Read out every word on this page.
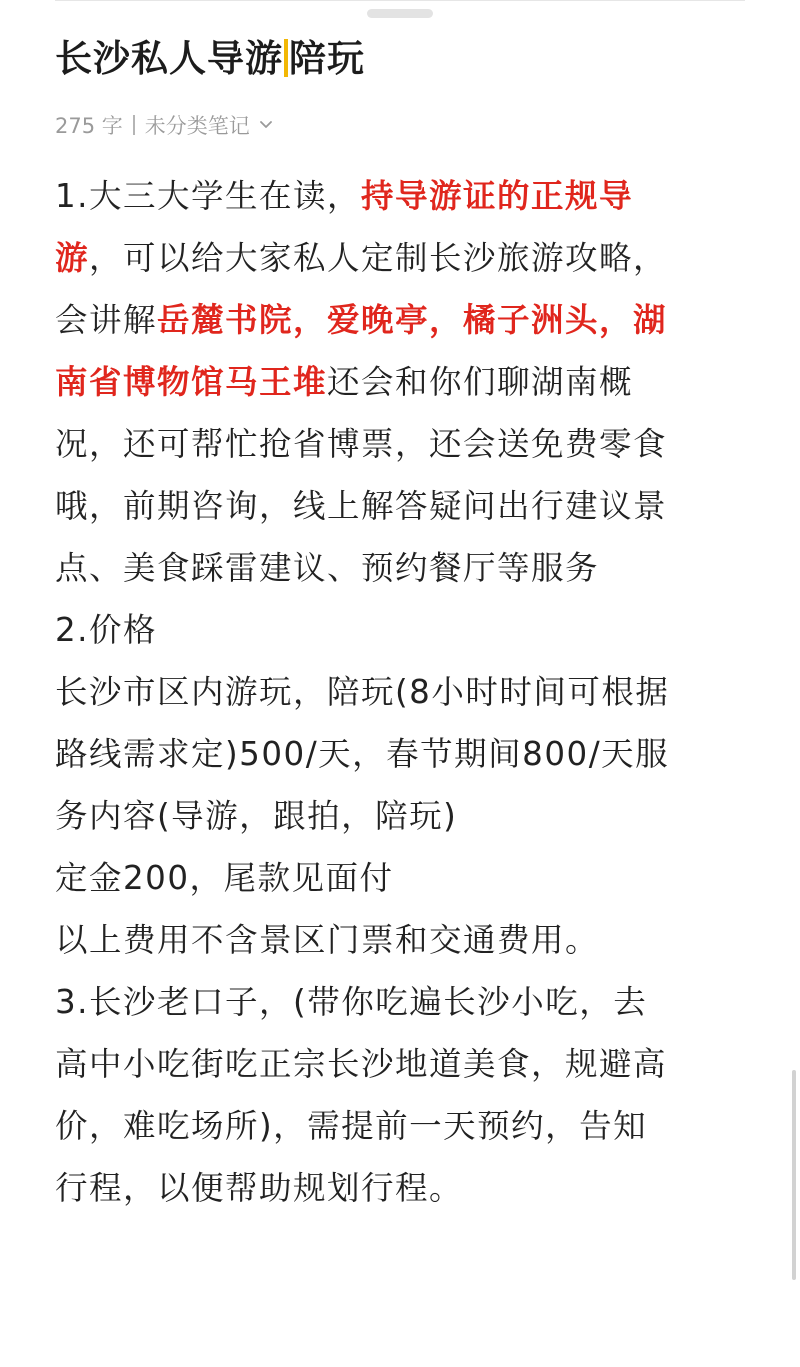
长沙私人导游 陪玩
275 字 未分类笔记
1.大三大学生在读，持导游证的正规导
游，可以给大家私人定制长沙旅游攻略，
会讲解岳麓书院，爱晚亭，橘子洲头，湖
南省博物馆马王堆还会和你们聊湖南概
况，还可帮忙抢省博票，还会送免费零食
哦，前期咨询，线上解答疑问出行建议景
点、美食踩雷建议、预约餐厅等服务
2.价格
长沙市区内游玩，陪玩(8小时时间可根据
路线需求定)500/天，春节期间800/天服
务内容(导游，跟拍，陪玩)
定金200，尾款见面付
以上费用不含景区门票和交通费用。
3.长沙老口子，(带你吃遍长沙小吃，去
高中小吃街吃正宗长沙地道美食，规避高
价，难吃场所)，需提前一天预约，告知
行程，以便帮助规划行程。
